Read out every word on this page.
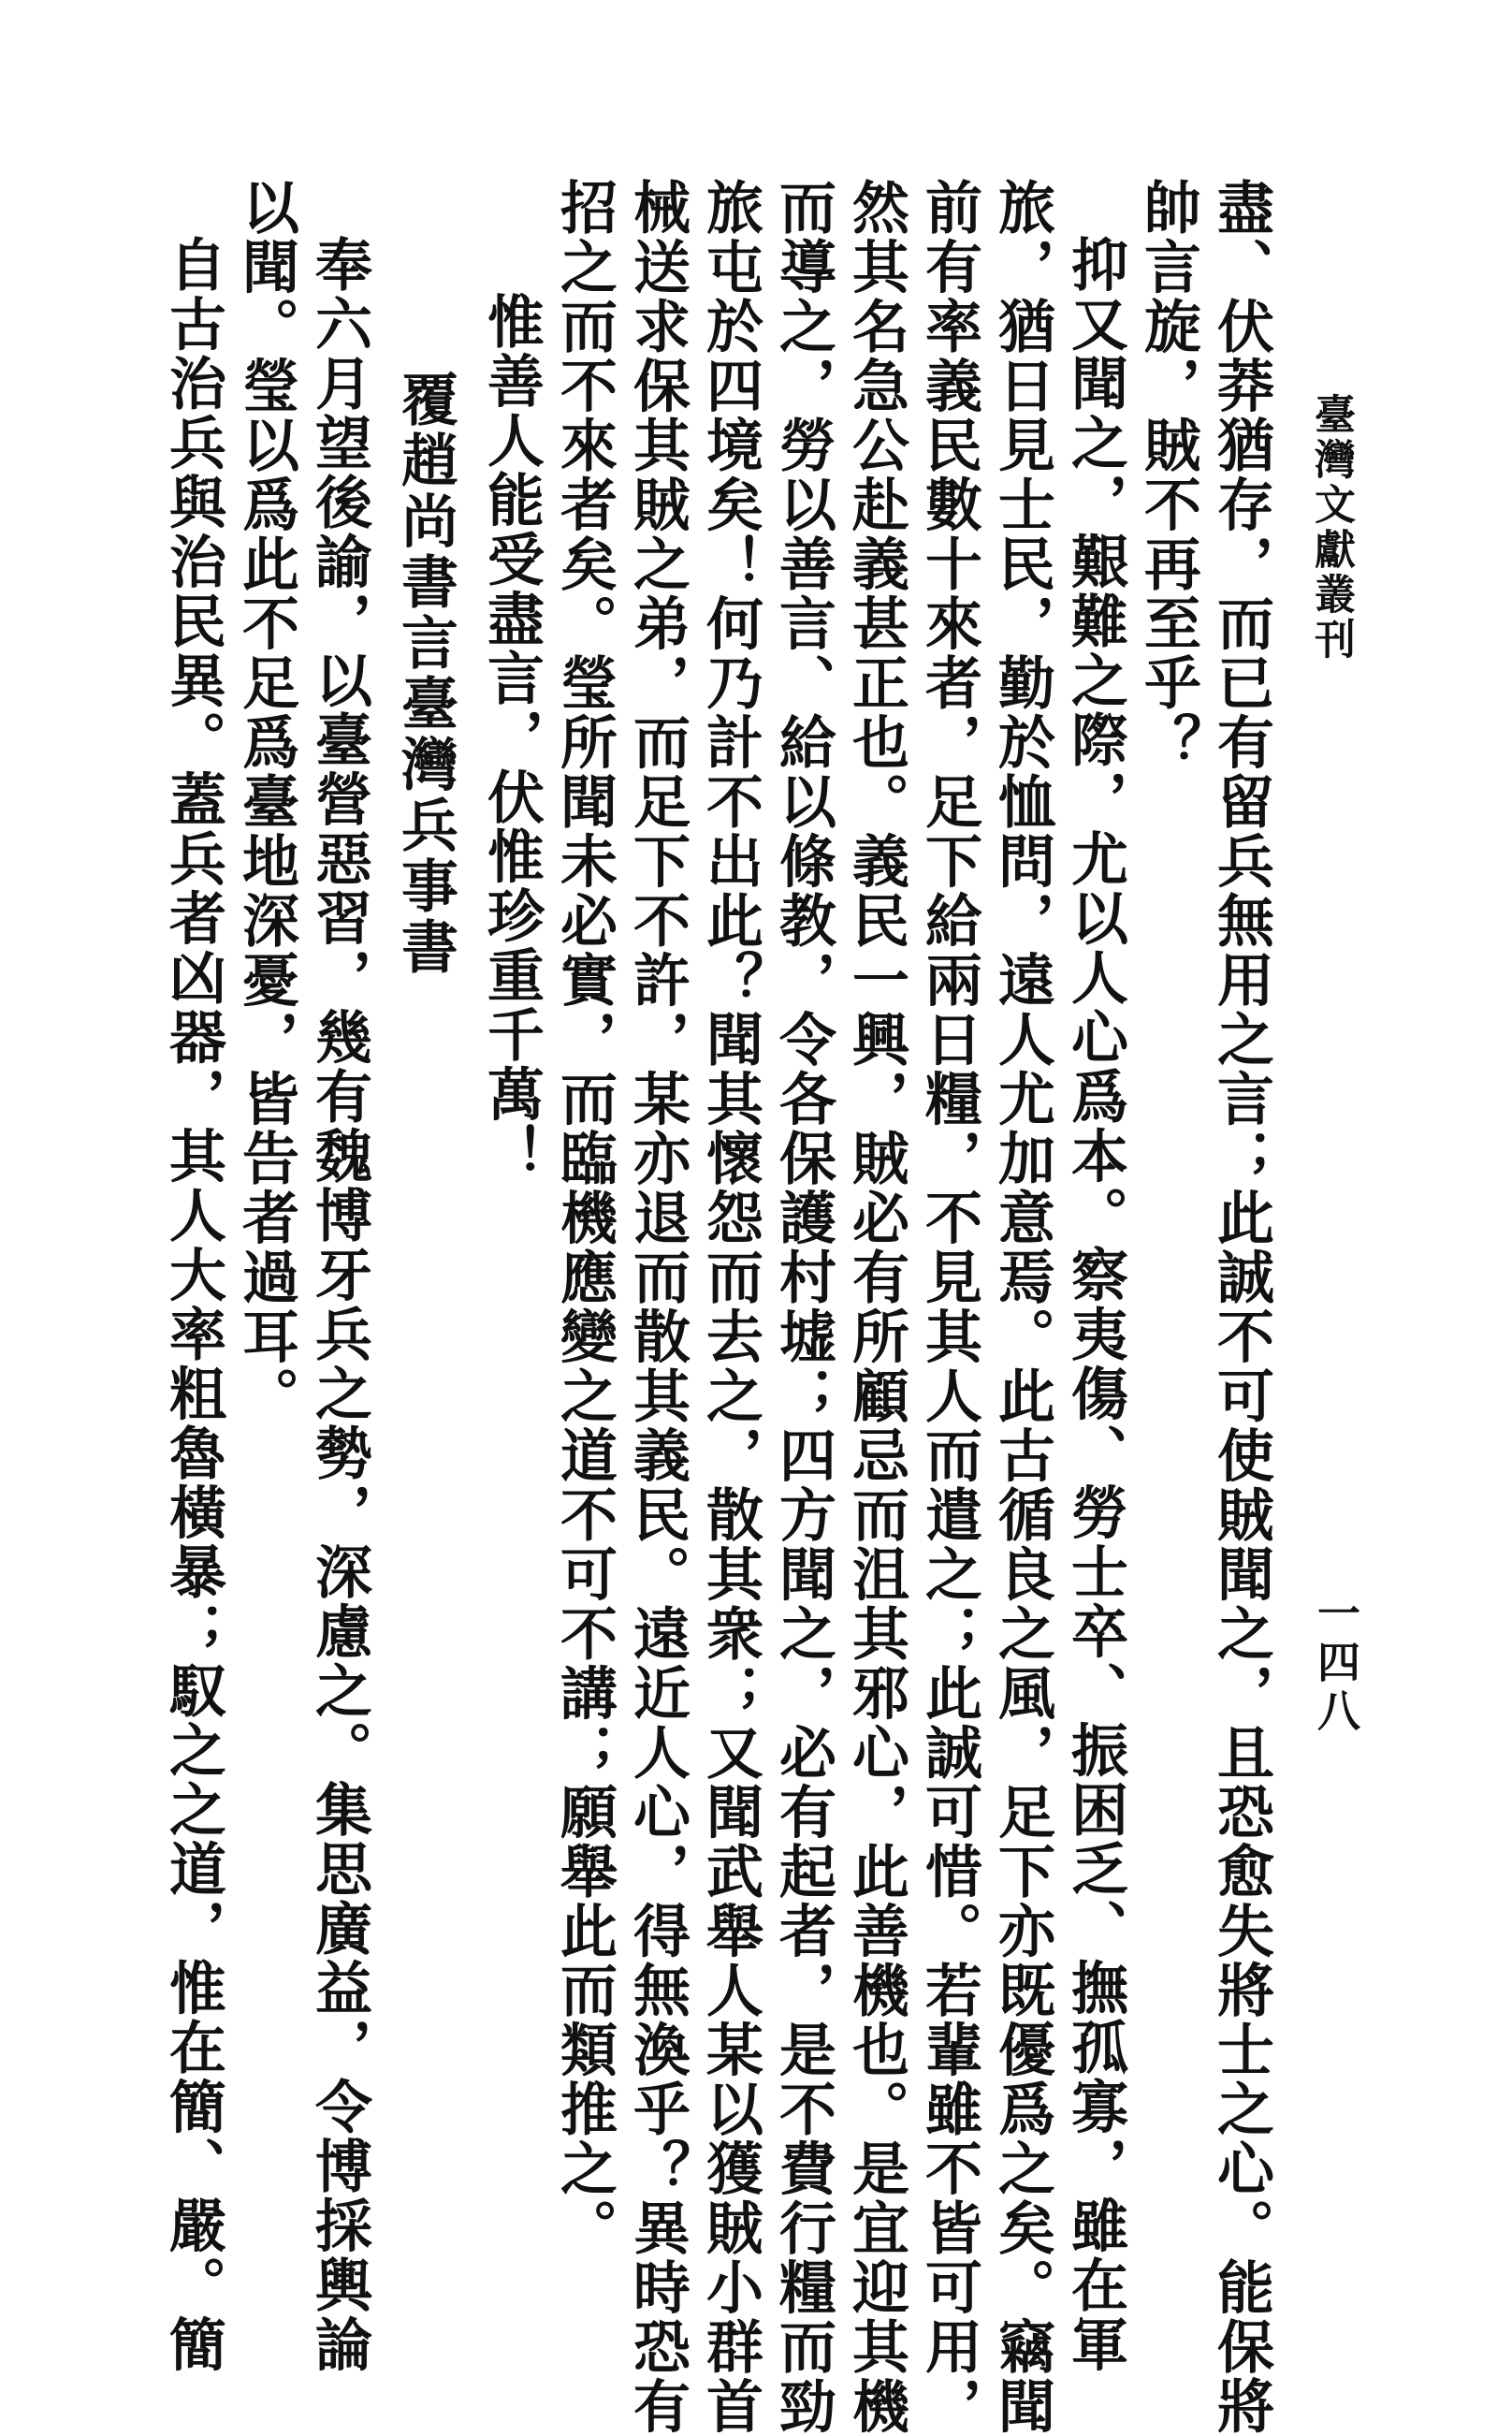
臺灣文獻叢刊
一四八

盡、伏莽猶存，而已有留兵無用之言；此誠不可使賊聞之，且恐愈失將士之心。能保將

帥言旋，賊不再至乎？

抑又聞之，艱難之際，尤以人心爲本。察夷傷、勞士卒、振困乏、撫孤寡，雖在軍

旅，猶日見士民，勤於恤問，遠人尤加意焉。此古循良之風，足下亦既優爲之矣。竊聞

前有率義民數十來者，足下給兩日糧，不見其人而遣之；此誠可惜。若輩雖不皆可用，

然其名急公赴義甚正也。義民一興，賊必有所顧忌而沮其邪心，此善機也。是宜迎其機

而導之，勞以善言、給以條教，令各保護村墟；四方聞之，必有起者，是不費行糧而勁

旅屯於四境矣！何乃計不出此？聞其懷怨而去之，散其衆；又聞武舉人某以獲賊小群首

械送求保其賊之弟，而足下不許，某亦退而散其義民。遠近人心，得無渙乎？異時恐有

招之而不來者矣。瑩所聞未必實，而臨機應變之道不可不講；願舉此而類推之。

惟善人能受盡言，伏惟珍重千萬！

覆趙尚書言臺灣兵事書

奉六月望後諭，以臺營惡習，幾有魏博牙兵之勢，深慮之。集思廣益，令博採輿論

以聞。瑩以爲此不足爲臺地深憂，皆告者過耳。

自古治兵與治民異。蓋兵者凶器，其人大率粗魯橫暴；馭之之道，惟在簡、嚴。簡
